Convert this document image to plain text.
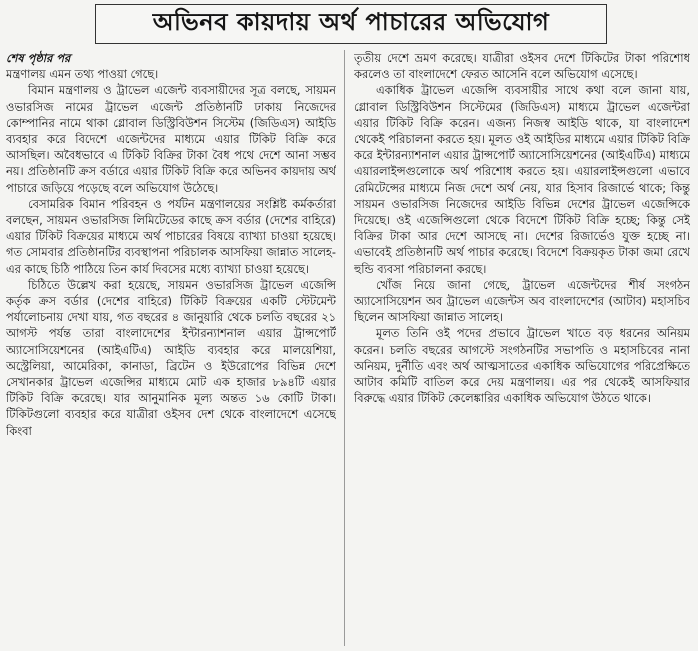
অভিনব কায়দায় অর্থ পাচারের অভিযোগ
শেষ পৃষ্ঠার পর

মন্ত্রণালয় এমন তথ্য পাওয়া গেছে।

বিমান মন্ত্রণালয় ও ট্রাভেল এজেন্ট ব্যবসায়ীদের সূত্র বলছে, সায়মন ওভারসিজ নামের ট্রাভেল এজেন্ট প্রতিষ্ঠানটি ঢাকায় নিজেদের কোম্পানির নামে থাকা গ্লোবাল ডিস্ট্রিবিউশন সিস্টেম (জিডিএস) আইডি ব্যবহার করে বিদেশে এজেন্টদের মাধ্যমে এয়ার টিকিট বিক্রি করে আসছিল। অবৈধভাবে এ টিকিট বিক্রির টাকা বৈধ পথে দেশে আনা সম্ভব নয়। প্রতিষ্ঠানটি ক্রস বর্ডারে এয়ার টিকিট বিক্রি করে অভিনব কায়দায় অর্থ পাচারে জড়িয়ে পড়েছে বলে অভিযোগ উঠেছে।

বেসামরিক বিমান পরিবহন ও পর্যটন মন্ত্রণালয়ের সংশ্লিষ্ট কর্মকর্তারা বলছেন, সায়মন ওভারসিজ লিমিটেডের কাছে ক্রস বর্ডার (দেশের বাহিরে) এয়ার টিকিট বিক্রয়ের মাধ্যমে অর্থ পাচারের বিষয়ে ব্যাখ্যা চাওয়া হয়েছে। গত সোমবার প্রতিষ্ঠানটির ব্যবস্থাপনা পরিচালক আসফিয়া জান্নাত সালেহ-এর কাছে চিঠি পাঠিয়ে তিন কার্য দিবসের মধ্যে ব্যাখ্যা চাওয়া হয়েছে।

চিঠিতে উল্লেখ করা হয়েছে, সায়মন ওভারসিজ ট্রাভেল এজেন্সি কর্তৃক ক্রস বর্ডার (দেশের বাহিরে) টিকিট বিক্রয়ের একটি স্টেটমেন্ট পর্যালোচনায় দেখা যায়, গত বছরের ৪ জানুয়ারি থেকে চলতি বছরের ২১ আগস্ট পর্যন্ত তারা বাংলাদেশের ইন্টারন্যাশনাল এয়ার ট্রান্সপোর্ট অ্যাসোসিয়েশনের (আইএটিএ) আইডি ব্যবহার করে মালয়েশিয়া, অস্ট্রেলিয়া, আমেরিকা, কানাডা, ব্রিটেন ও ইউরোপের বিভিন্ন দেশে সেখানকার ট্রাভেল এজেন্সির মাধ্যমে মোট এক হাজার ৮৯৪টি এয়ার টিকিট বিক্রি করেছে। যার আনুমানিক মূল্য অন্তত ১৬ কোটি টাকা। টিকিটগুলো ব্যবহার করে যাত্রীরা ওইসব দেশ থেকে বাংলাদেশে এসেছে কিংবা

তৃতীয় দেশে ভ্রমণ করেছে। যাত্রীরা ওইসব দেশে টিকিটের টাকা পরিশোধ করলেও তা বাংলাদেশে ফেরত আসেনি বলে অভিযোগ এসেছে।

একাধিক ট্রাভেল এজেন্সি ব্যবসায়ীর সাথে কথা বলে জানা যায়, গ্লোবাল ডিস্ট্রিবিউশন সিস্টেমের (জিডিএস) মাধ্যমে ট্রাভেল এজেন্টরা এয়ার টিকিট বিক্রি করেন। এজন্য নিজস্ব আইডি থাকে, যা বাংলাদেশ থেকেই পরিচালনা করতে হয়। মূলত ওই আইডির মাধ্যমে এয়ার টিকিট বিক্রি করে ইন্টারন্যাশনাল এয়ার ট্রান্সপোর্ট অ্যাসোসিয়েশনের (আইএটিএ) মাধ্যমে এয়ারলাইন্সগুলোকে অর্থ পরিশোধ করতে হয়। এয়ারলাইন্সগুলো এভাবে রেমিটেন্সের মাধ্যমে নিজ দেশে অর্থ নেয়, যার হিসাব রিজার্ভে থাকে; কিন্তু সায়মন ওভারসিজ নিজেদের আইডি বিভিন্ন দেশের ট্রাভেল এজেন্সিকে দিয়েছে। ওই এজেন্সিগুলো থেকে বিদেশে টিকিট বিক্রি হচ্ছে; কিন্তু সেই বিক্রির টাকা আর দেশে আসছে না। দেশের রিজার্ভেও যুক্ত হচ্ছে না। এভাবেই প্রতিষ্ঠানটি অর্থ পাচার করেছে। বিদেশে বিক্রয়কৃত টাকা জমা রেখে হুন্ডি ব্যবসা পরিচালনা করছে।

খোঁজ নিয়ে জানা গেছে, ট্রাভেল এজেন্টদের শীর্ষ সংগঠন অ্যাসোসিয়েশন অব ট্রাভেল এজেন্টস অব বাংলাদেশের (আটাব) মহাসচিব ছিলেন আসফিয়া জান্নাত সালেহ।

মূলত তিনি ওই পদের প্রভাবে ট্রাভেল খাতে বড় ধরনের অনিয়ম করেন। চলতি বছরের আগস্টে সংগঠনটির সভাপতি ও মহাসচিবের নানা অনিয়ম, দুর্নীতি এবং অর্থ আত্মসাতের একাধিক অভিযোগের পরিপ্রেক্ষিতে আটাব কমিটি বাতিল করে দেয় মন্ত্রণালয়। এর পর থেকেই আসফিয়ার বিরুদ্ধে এয়ার টিকিট কেলেঙ্কারির একাধিক অভিযোগ উঠতে থাকে।
